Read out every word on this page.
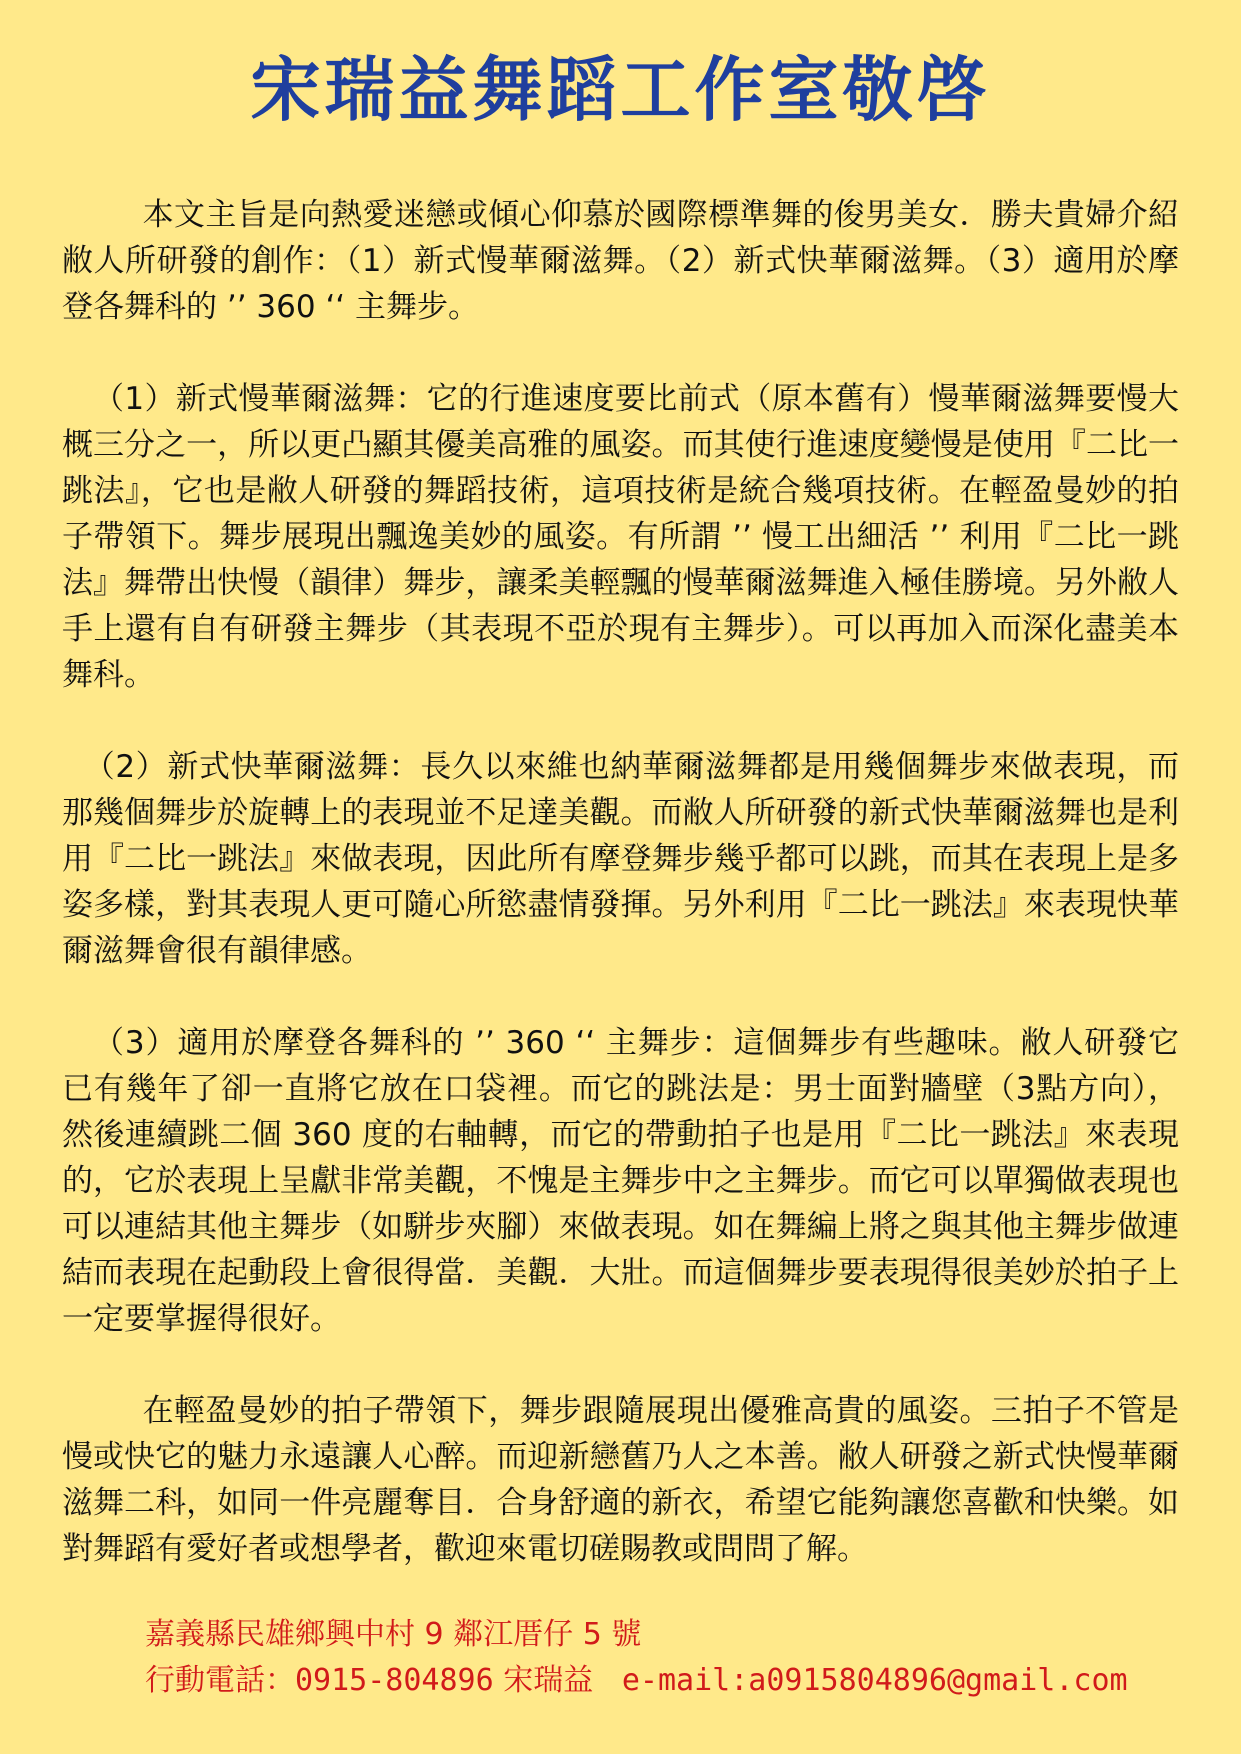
宋瑞益舞蹈工作室敬啓

本文主旨是向熱愛迷戀或傾心仰慕於國際標準舞的俊男美女．勝夫貴婦介紹敝人所研發的創作：（1）新式慢華爾滋舞。（2）新式快華爾滋舞。（3）適用於摩登各舞科的 ’’ 360 ‘‘ 主舞步。

（1）新式慢華爾滋舞：它的行進速度要比前式（原本舊有）慢華爾滋舞要慢大概三分之一，所以更凸顯其優美高雅的風姿。而其使行進速度變慢是使用『二比一跳法』，它也是敝人研發的舞蹈技術，這項技術是統合幾項技術。在輕盈曼妙的拍子帶領下。舞步展現出飄逸美妙的風姿。有所謂 ’’ 慢工出細活 ’’ 利用『二比一跳法』舞帶出快慢（韻律）舞步，讓柔美輕飄的慢華爾滋舞進入極佳勝境。另外敝人手上還有自有研發主舞步（其表現不亞於現有主舞步）。可以再加入而深化盡美本舞科。

（2）新式快華爾滋舞：長久以來維也納華爾滋舞都是用幾個舞步來做表現，而那幾個舞步於旋轉上的表現並不足達美觀。而敝人所研發的新式快華爾滋舞也是利用『二比一跳法』來做表現，因此所有摩登舞步幾乎都可以跳，而其在表現上是多姿多樣，對其表現人更可隨心所慾盡情發揮。另外利用『二比一跳法』來表現快華爾滋舞會很有韻律感。

（3）適用於摩登各舞科的 ’’ 360 ‘‘ 主舞步：這個舞步有些趣味。敝人研發它已有幾年了卻一直將它放在口袋裡。而它的跳法是：男士面對牆壁（3點方向），然後連續跳二個 360 度的右軸轉，而它的帶動拍子也是用『二比一跳法』來表現的，它於表現上呈獻非常美觀，不愧是主舞步中之主舞步。而它可以單獨做表現也可以連結其他主舞步（如駢步夾腳）來做表現。如在舞編上將之與其他主舞步做連結而表現在起動段上會很得當．美觀．大壯。而這個舞步要表現得很美妙於拍子上一定要掌握得很好。

在輕盈曼妙的拍子帶領下，舞步跟隨展現出優雅高貴的風姿。三拍子不管是慢或快它的魅力永遠讓人心醉。而迎新戀舊乃人之本善。敝人研發之新式快慢華爾滋舞二科，如同一件亮麗奪目．合身舒適的新衣，希望它能夠讓您喜歡和快樂。如對舞蹈有愛好者或想學者，歡迎來電切磋賜教或問問了解。

嘉義縣民雄鄉興中村 9 鄰江厝仔 5 號
行動電話：0915-804896 宋瑞益 e-mail:a0915804896@gmail.com
